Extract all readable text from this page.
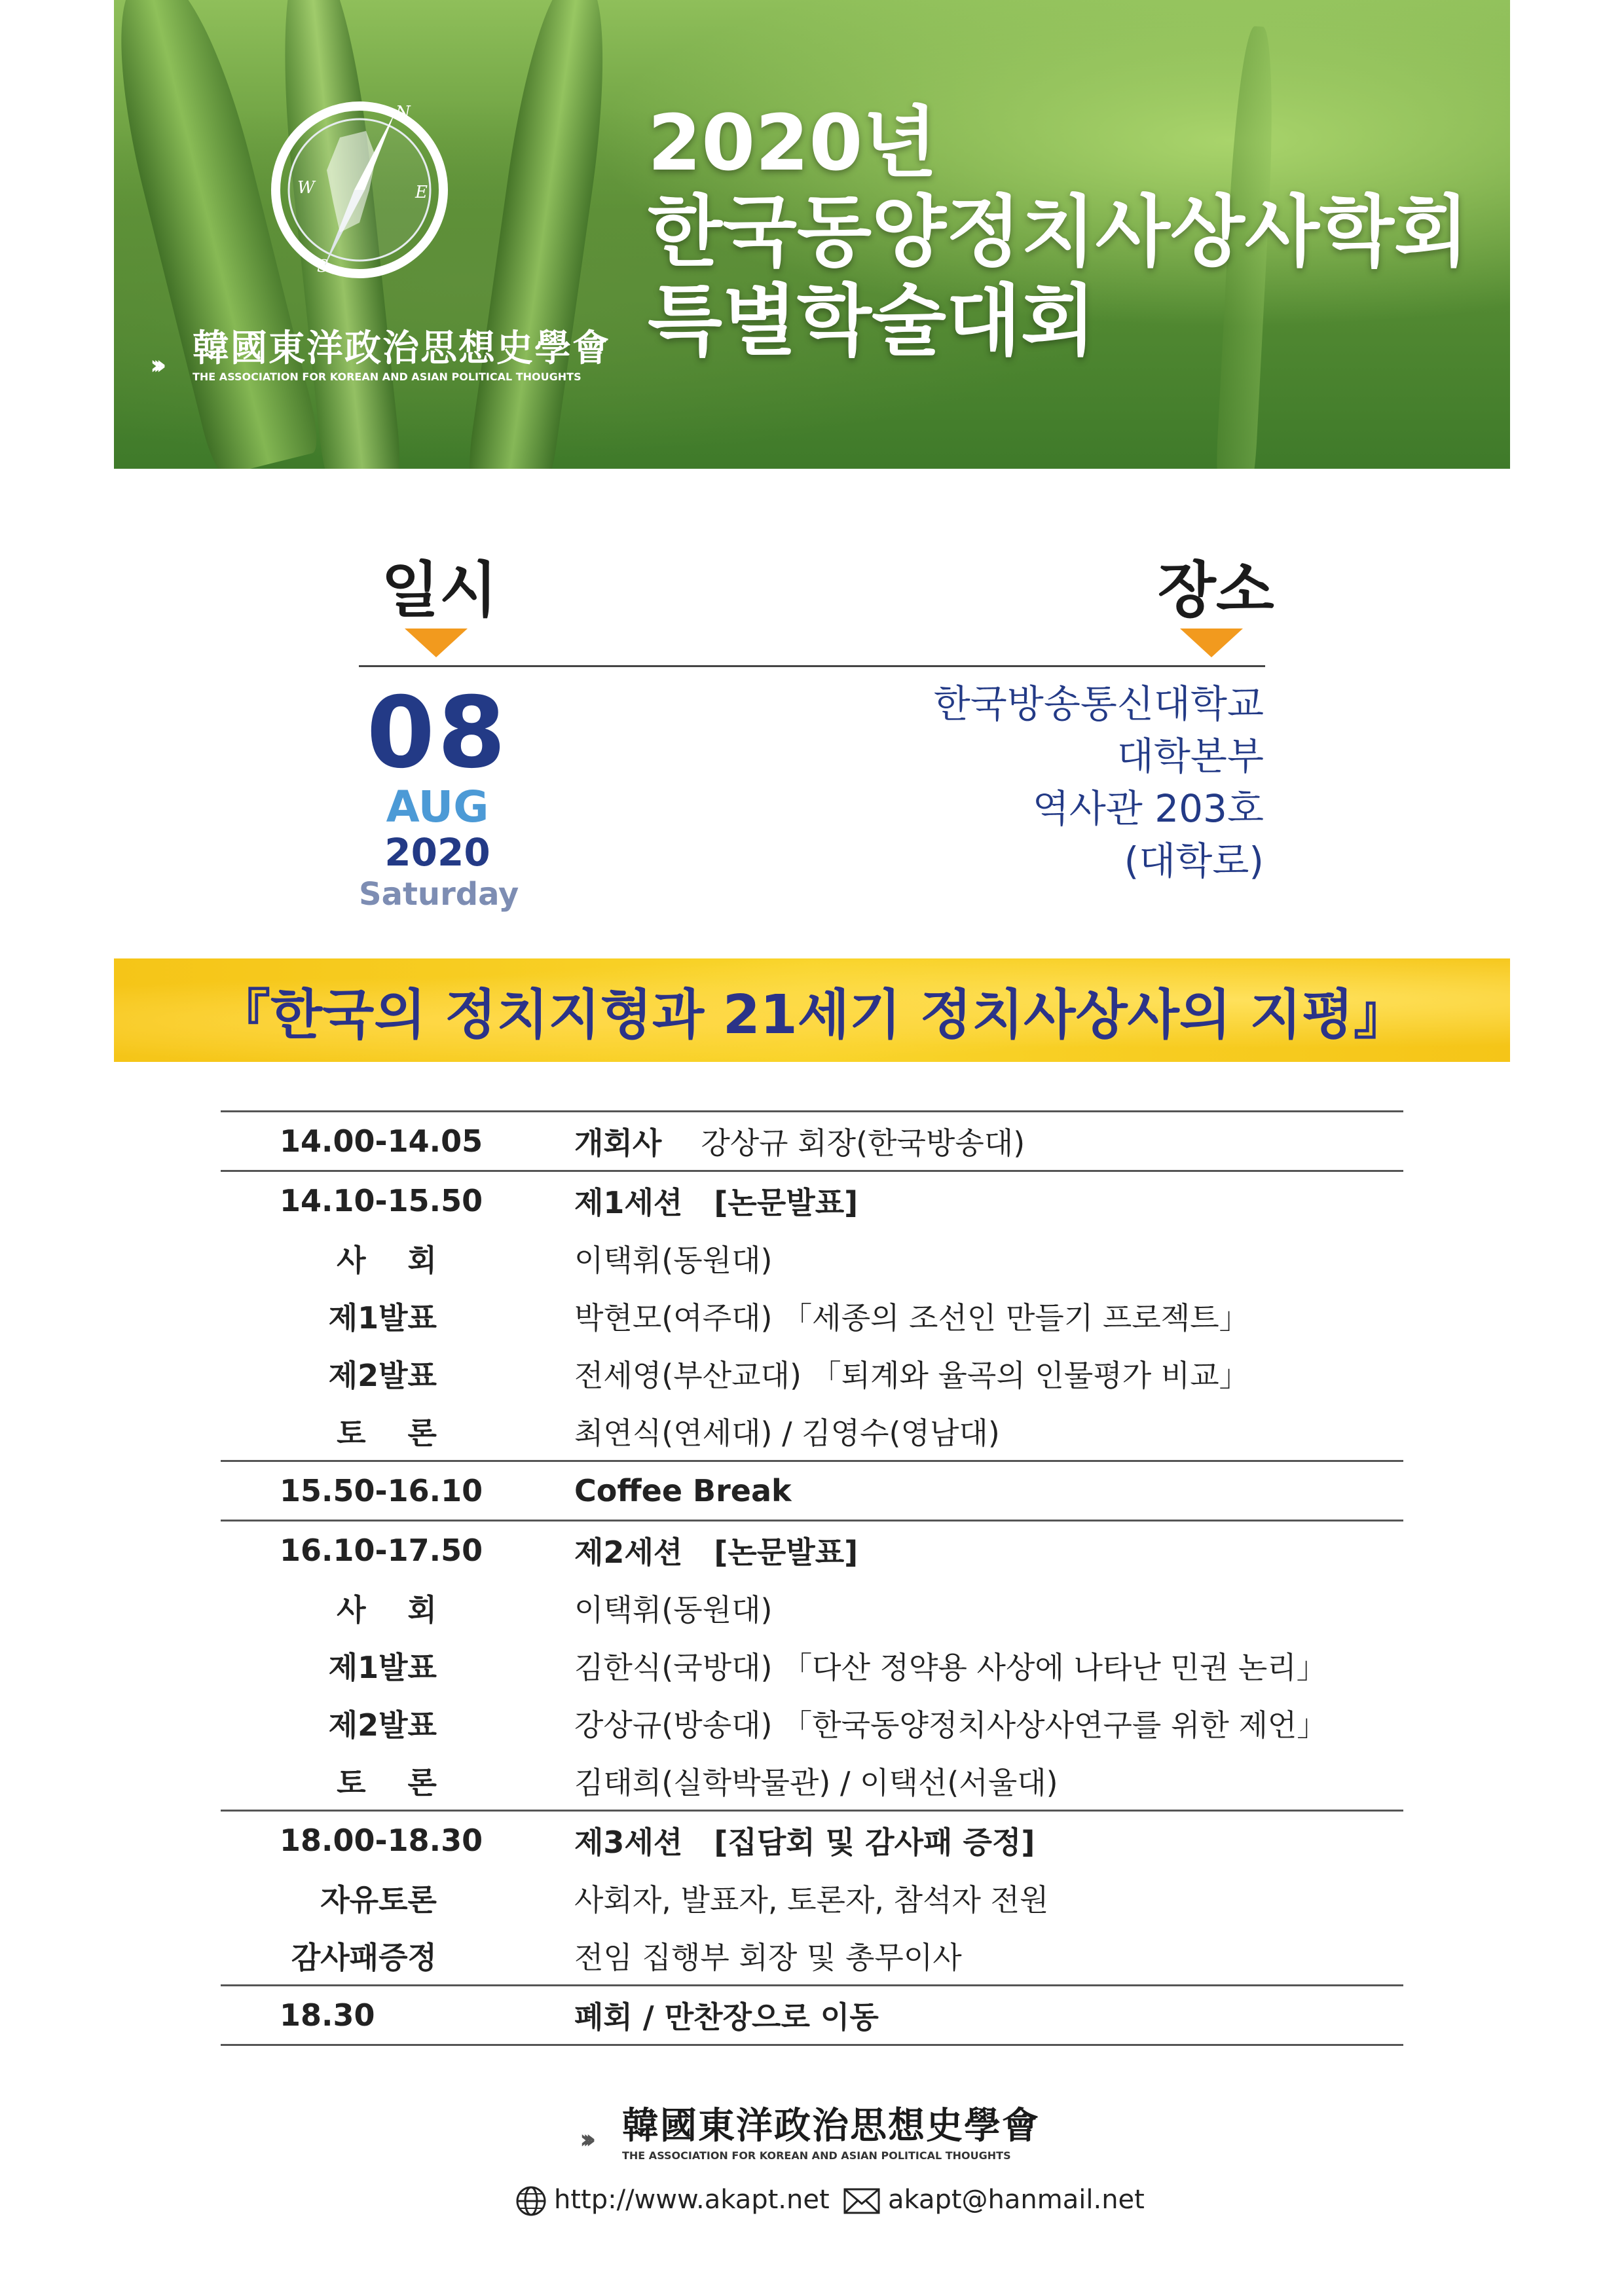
N
E
S
W
››› 韓國東洋政治思想史學會
THE ASSOCIATION FOR KOREAN AND ASIAN POLITICAL THOUGHTS
2020년
한국동양정치사상사학회
특별학술대회
일시	장소
08
AUG
2020
Saturday
한국방송통신대학교
대학본부
역사관 203호
(대학로)
『한국의 정치지형과 21세기 정치사상사의 지평』
14.00-14.05	개회사 강상규 회장(한국방송대)
14.10-15.50	제1세션   [논문발표]
사    회	이택휘(동원대)
제1발표	박현모(여주대) 「세종의 조선인 만들기 프로젝트」
제2발표	전세영(부산교대) 「퇴계와 율곡의 인물평가 비교」
토    론	최연식(연세대) / 김영수(영남대)
15.50-16.10	Coffee Break
16.10-17.50	제2세션   [논문발표]
사    회	이택휘(동원대)
제1발표	김한식(국방대) 「다산 정약용 사상에 나타난 민권 논리」
제2발표	강상규(방송대) 「한국동양정치사상사연구를 위한 제언」
토    론	김태희(실학박물관) / 이택선(서울대)
18.00-18.30	제3세션   [집담회 및 감사패 증정]
자유토론	사회자, 발표자, 토론자, 참석자 전원
감사패증정	전임 집행부 회장 및 총무이사
18.30	폐회 / 만찬장으로 이동
››› 韓國東洋政治思想史學會
THE ASSOCIATION FOR KOREAN AND ASIAN POLITICAL THOUGHTS
http://www.akapt.net akapt@hanmail.net
